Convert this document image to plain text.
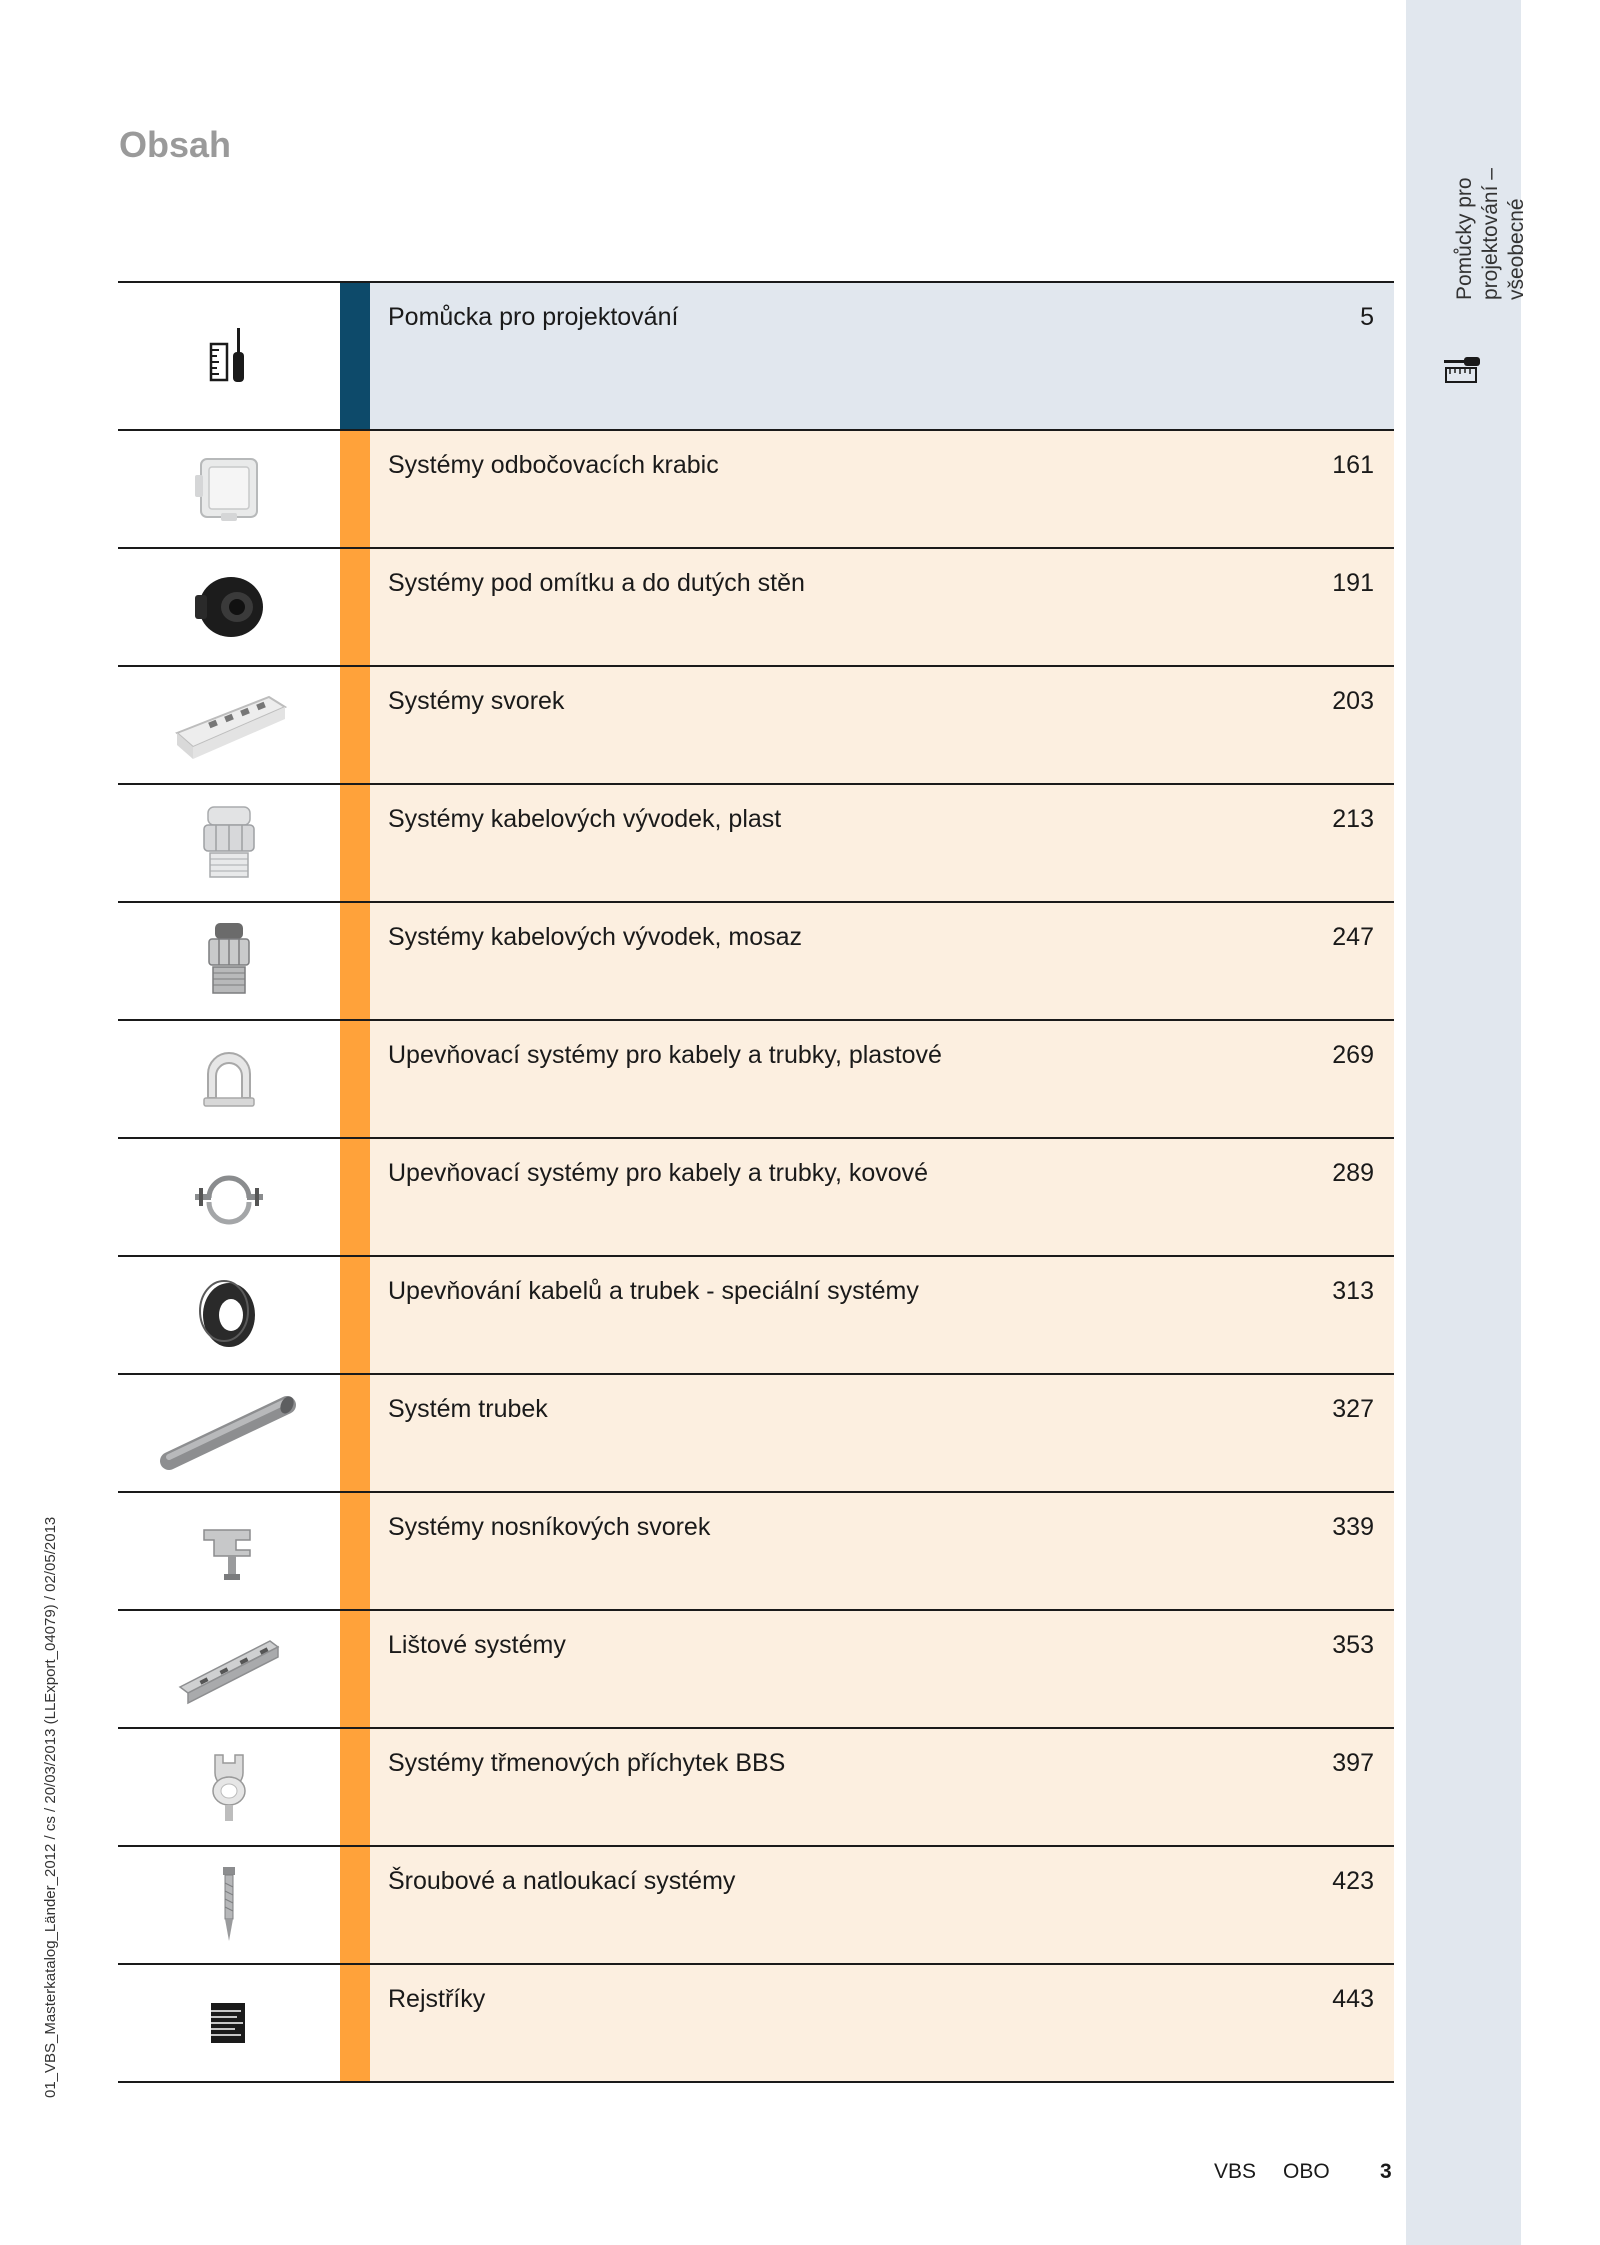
Pomůcky pro projektování – všeobecné
Obsah
Pomůcka pro projektování	5
Systémy odbočovacích krabic	161
Systémy pod omítku a do dutých stěn	191
Systémy svorek	203
Systémy kabelových vývodek, plast	213
Systémy kabelových vývodek, mosaz	247
Upevňovací systémy pro kabely a trubky, plastové	269
Upevňovací systémy pro kabely a trubky, kovové	289
Upevňování kabelů a trubek - speciální systémy	313
Systém trubek	327
Systémy nosníkových svorek	339
Lištové systémy	353
Systémy třmenových příchytek BBS	397
Šroubové a natloukací systémy	423
Rejstříky	443
01_VBS_Masterkatalog_Länder_2012 / cs / 20/03/2013 (LLExport_04079) / 02/05/2013
VBS OBO 3
